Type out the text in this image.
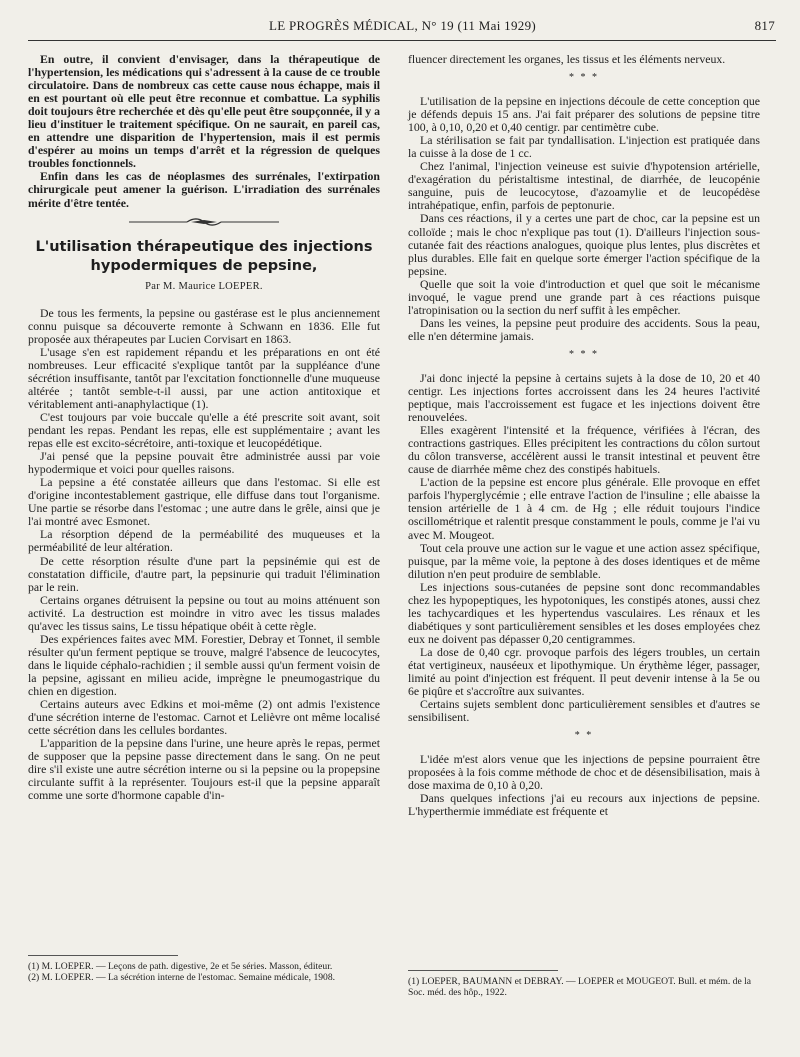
LE PROGRÈS MÉDICAL, N° 19 (11 Mai 1929)	817

En outre, il convient d'envisager, dans la thérapeutique de l'hypertension, les médications qui s'adressent à la cause de ce trouble circulatoire. Dans de nombreux cas cette cause nous échappe, mais il en est pourtant où elle peut être reconnue et combattue. La syphilis doit toujours être recherchée et dès qu'elle peut être soupçonnée, il y a lieu d'instituer le traitement spécifique. On ne saurait, en pareil cas, en attendre une disparition de l'hypertension, mais il est permis d'espérer au moins un temps d'arrêt et la régression de quelques troubles fonctionnels.

Enfin dans les cas de néoplasmes des surrénales, l'extirpation chirurgicale peut amener la guérison. L'irradiation des surrénales mérite d'être tentée.

L'utilisation thérapeutique des injections hypodermiques de pepsine,
Par M. Maurice LOEPER.

De tous les ferments, la pepsine ou gastérase est le plus anciennement connu puisque sa découverte remonte à Schwann en 1836. Elle fut proposée aux thérapeutes par Lucien Corvisart en 1863.

L'usage s'en est rapidement répandu et les préparations en ont été nombreuses. Leur efficacité s'explique tantôt par la suppléance d'une sécrétion insuffisante, tantôt par l'excitation fonctionnelle d'une muqueuse altérée ; tantôt semble-t-il aussi, par une action antitoxique et véritablement anti-anaphylactique (1).

C'est toujours par voie buccale qu'elle a été prescrite soit avant, soit pendant les repas. Pendant les repas, elle est supplémentaire ; avant les repas elle est excito-sécrétoire, anti-toxique et leucopédétique.

J'ai pensé que la pepsine pouvait être administrée aussi par voie hypodermique et voici pour quelles raisons.

La pepsine a été constatée ailleurs que dans l'estomac. Si elle est d'origine incontestablement gastrique, elle diffuse dans tout l'organisme. Une partie se résorbe dans l'estomac ; une autre dans le grêle, ainsi que je l'ai montré avec Esmonet.

La résorption dépend de la perméabilité des muqueuses et la perméabilité de leur altération.

De cette résorption résulte d'une part la pepsinémie qui est de constatation difficile, d'autre part, la pepsinurie qui traduit l'élimination par le rein.

Certains organes détruisent la pepsine ou tout au moins atténuent son activité. La destruction est moindre in vitro avec les tissus malades qu'avec les tissus sains, Le tissu hépatique obéit à cette règle.

Des expériences faites avec MM. Forestier, Debray et Tonnet, il semble résulter qu'un ferment peptique se trouve, malgré l'absence de leucocytes, dans le liquide céphalo-rachidien ; il semble aussi qu'un ferment voisin de la pepsine, agissant en milieu acide, imprègne le pneumogastrique du chien en digestion.

Certains auteurs avec Edkins et moi-même (2) ont admis l'existence d'une sécrétion interne de l'estomac. Carnot et Lelièvre ont même localisé cette sécrétion dans les cellules bordantes.

L'apparition de la pepsine dans l'urine, une heure après le repas, permet de supposer que la pepsine passe directement dans le sang. On ne peut dire s'il existe une autre sécrétion interne ou si la pepsine ou la propepsine circulante suffit à la représenter. Toujours est-il que la pepsine apparaît comme une sorte d'hormone capable d'in-

(1) M. LOEPER. — Leçons de path. digestive, 2e et 5e séries. Masson, éditeur.

(2) M. LOEPER. — La sécrétion interne de l'estomac. Semaine médicale, 1908.

fluencer directement les organes, les tissus et les éléments nerveux.

* * *

L'utilisation de la pepsine en injections découle de cette conception que je défends depuis 15 ans. J'ai fait préparer des solutions de pepsine titre 100, à 0,10, 0,20 et 0,40 centigr. par centimètre cube.

La stérilisation se fait par tyndallisation. L'injection est pratiquée dans la cuisse à la dose de 1 cc.

Chez l'animal, l'injection veineuse est suivie d'hypotension artérielle, d'exagération du péristaltisme intestinal, de diarrhée, de leucopénie sanguine, puis de leucocytose, d'azoamylie et de leucopédèse intrahépatique, enfin, parfois de peptonurie.

Dans ces réactions, il y a certes une part de choc, car la pepsine est un colloïde ; mais le choc n'explique pas tout (1). D'ailleurs l'injection sous-cutanée fait des réactions analogues, quoique plus lentes, plus discrètes et plus durables. Elle fait en quelque sorte émerger l'action spécifique de la pepsine.

Quelle que soit la voie d'introduction et quel que soit le mécanisme invoqué, le vague prend une grande part à ces réactions puisque l'atropinisation ou la section du nerf suffit à les empêcher.

Dans les veines, la pepsine peut produire des accidents. Sous la peau, elle n'en détermine jamais.

* * *

J'ai donc injecté la pepsine à certains sujets à la dose de 10, 20 et 40 centigr. Les injections fortes accroissent dans les 24 heures l'activité peptique, mais l'accroissement est fugace et les injections doivent être renouvelées.

Elles exagèrent l'intensité et la fréquence, vérifiées à l'écran, des contractions gastriques. Elles précipitent les contractions du côlon surtout du côlon transverse, accélèrent aussi le transit intestinal et peuvent être cause de diarrhée même chez des constipés habituels.

L'action de la pepsine est encore plus générale. Elle provoque en effet parfois l'hyperglycémie ; elle entrave l'action de l'insuline ; elle abaisse la tension artérielle de 1 à 4 cm. de Hg ; elle réduit toujours l'indice oscillométrique et ralentit presque constamment le pouls, comme je l'ai vu avec M. Mougeot.

Tout cela prouve une action sur le vague et une action assez spécifique, puisque, par la même voie, la peptone à des doses identiques et de même dilution n'en peut produire de semblable.

Les injections sous-cutanées de pepsine sont donc recommandables chez les hypopeptiques, les hypotoniques, les constipés atones, aussi chez les tachycardiques et les hypertendus vasculaires. Les rénaux et les diabétiques y sont particulièrement sensibles et les doses employées chez eux ne doivent pas dépasser 0,20 centigrammes.

La dose de 0,40 cgr. provoque parfois des légers troubles, un certain état vertigineux, nauséeux et lipothymique. Un érythème léger, passager, limité au point d'injection est fréquent. Il peut devenir intense à la 5e ou 6e piqûre et s'accroître aux suivantes.

Certains sujets semblent donc particulièrement sensibles et d'autres se sensibilisent.

* *

L'idée m'est alors venue que les injections de pepsine pourraient être proposées à la fois comme méthode de choc et de désensibilisation, mais à dose maxima de 0,10 à 0,20.

Dans quelques infections j'ai eu recours aux injections de pepsine. L'hyperthermie immédiate est fréquente et

(1) LOEPER, BAUMANN et DEBRAY. — LOEPER et MOUGEOT. Bull. et mém. de la Soc. méd. des hôp., 1922.
